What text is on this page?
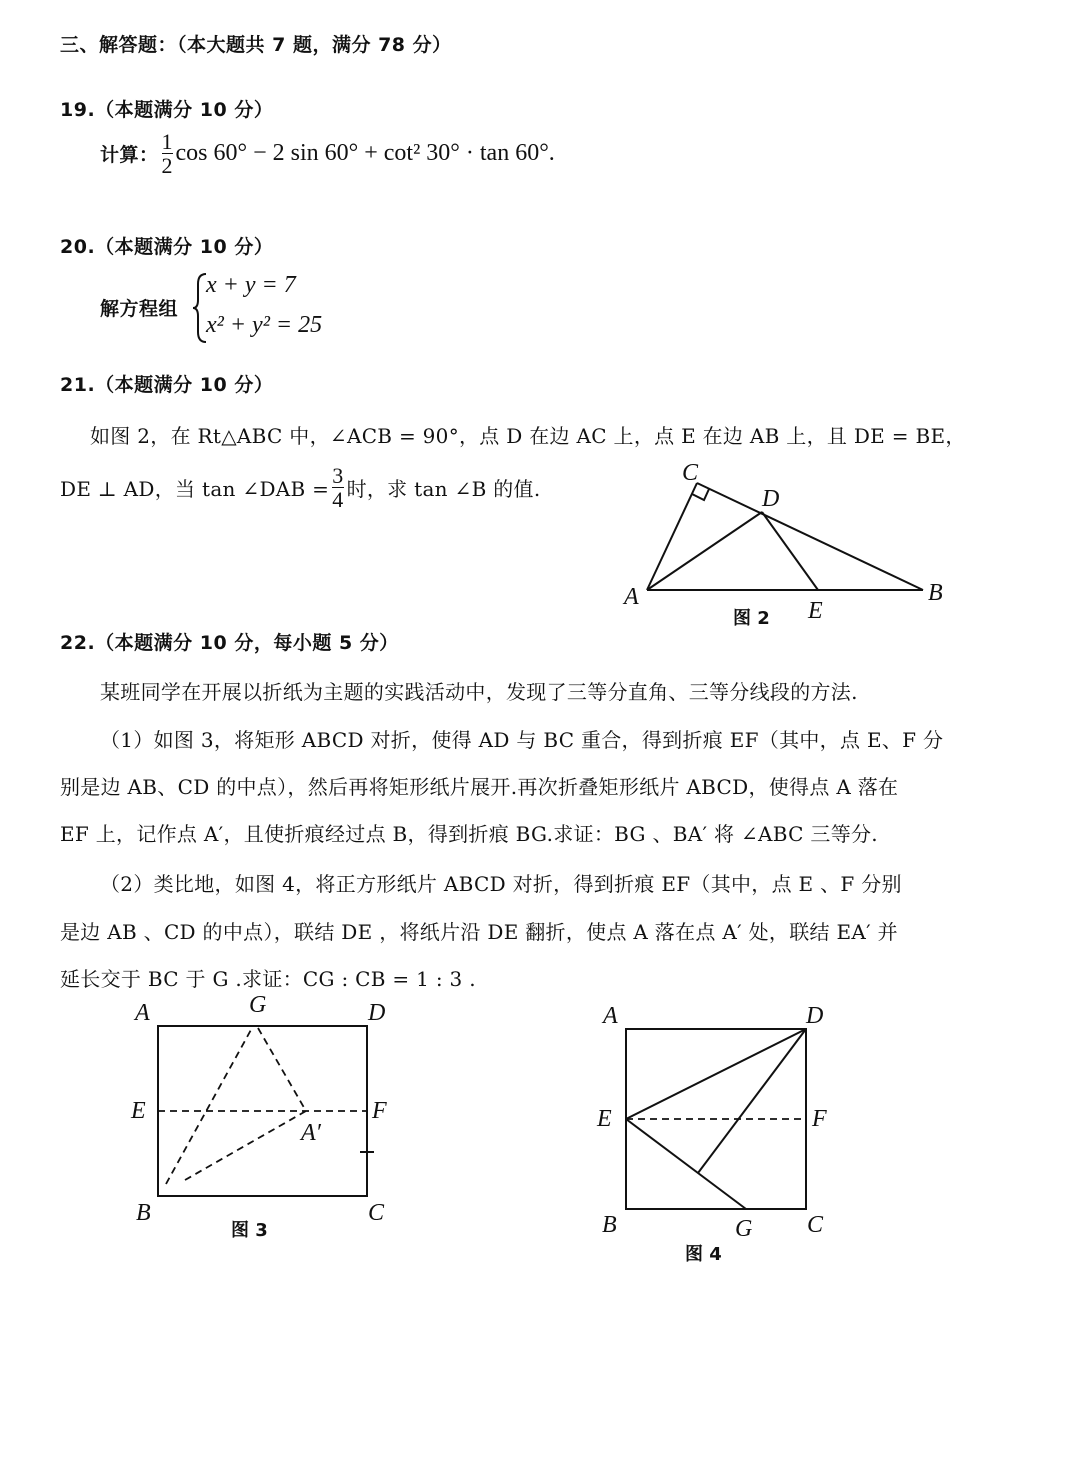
三、解答题：（本大题共 7 题，满分 78 分）
19.（本题满分 10 分）
计算： $\frac{1}{2}$ cos 60° − 2 sin 60° + cot² 30° · tan 60°.
20.（本题满分 10 分）
解方程组
x + y = 7
x² + y² = 25
21.（本题满分 10 分）
如图 2，在 Rt△ABC 中，∠ACB = 90°，点 D 在边 AC 上，点 E 在边 AB 上，且 DE = BE，
DE ⊥ AD，当 tan ∠DAB = $\frac{3}{4}$ 时，求 tan ∠B 的值.
C
D
A	B
E
图 2
22.（本题满分 10 分，每小题 5 分）
某班同学在开展以折纸为主题的实践活动中，发现了三等分直角、三等分线段的方法.
（1）如图 3，将矩形 ABCD 对折，使得 AD 与 BC 重合，得到折痕 EF（其中，点 E、F 分
别是边 AB、CD 的中点），然后再将矩形纸片展开.再次折叠矩形纸片 ABCD，使得点 A 落在
EF 上，记作点 A′，且使折痕经过点 B，得到折痕 BG.求证：BG 、BA′ 将 ∠ABC 三等分.
（2）类比地，如图 4，将正方形纸片 ABCD 对折，得到折痕 EF（其中，点 E 、F 分别
是边 AB 、CD 的中点），联结 DE ，将纸片沿 DE 翻折，使点 A 落在点 A′ 处，联结 EA′ 并
延长交于 BC 于 G .求证：CG : CB = 1 : 3 .
A	G	D
E	F
A′
B	C
图 3
A	D
E	F
B	G C
图 4
